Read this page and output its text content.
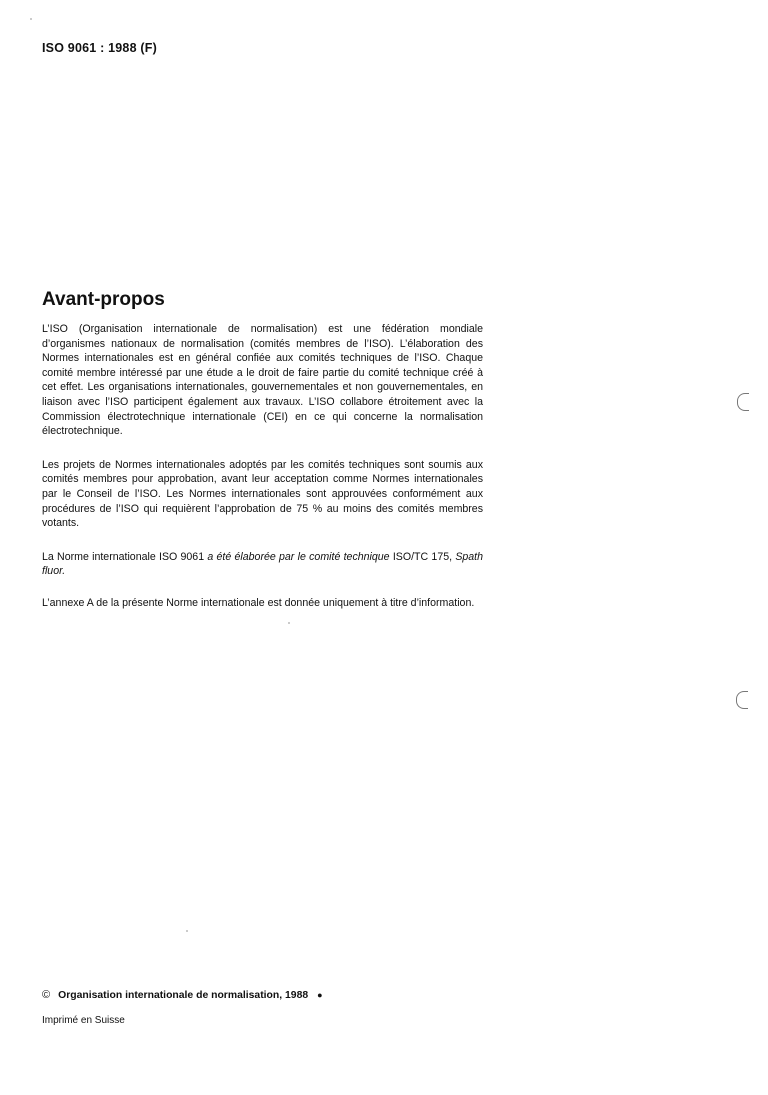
ISO 9061 : 1988 (F)
Avant-propos

L’ISO (Organisation internationale de normalisation) est une fédération mondiale d’organismes nationaux de normalisation (comités membres de l’ISO). L’élaboration des Normes internationales est en général confiée aux comités techniques de l’ISO. Chaque comité membre intéressé par une étude a le droit de faire partie du comité technique créé à cet effet. Les organisations internationales, gouvernementales et non gouvernementales, en liaison avec l’ISO participent également aux travaux. L’ISO collabore étroitement avec la Commission électrotechnique internationale (CEI) en ce qui concerne la normalisation électrotechnique.

Les projets de Normes internationales adoptés par les comités techniques sont soumis aux comités membres pour approbation, avant leur acceptation comme Normes internationales par le Conseil de l’ISO. Les Normes internationales sont approuvées conformément aux procédures de l’ISO qui requièrent l’approbation de 75 % au moins des comités membres votants.

La Norme internationale ISO 9061 a été élaborée par le comité technique ISO/TC 175, Spath fluor.

L’annexe A de la présente Norme internationale est donnée uniquement à titre d’information.

© Organisation internationale de normalisation, 1988 ●
Imprimé en Suisse
